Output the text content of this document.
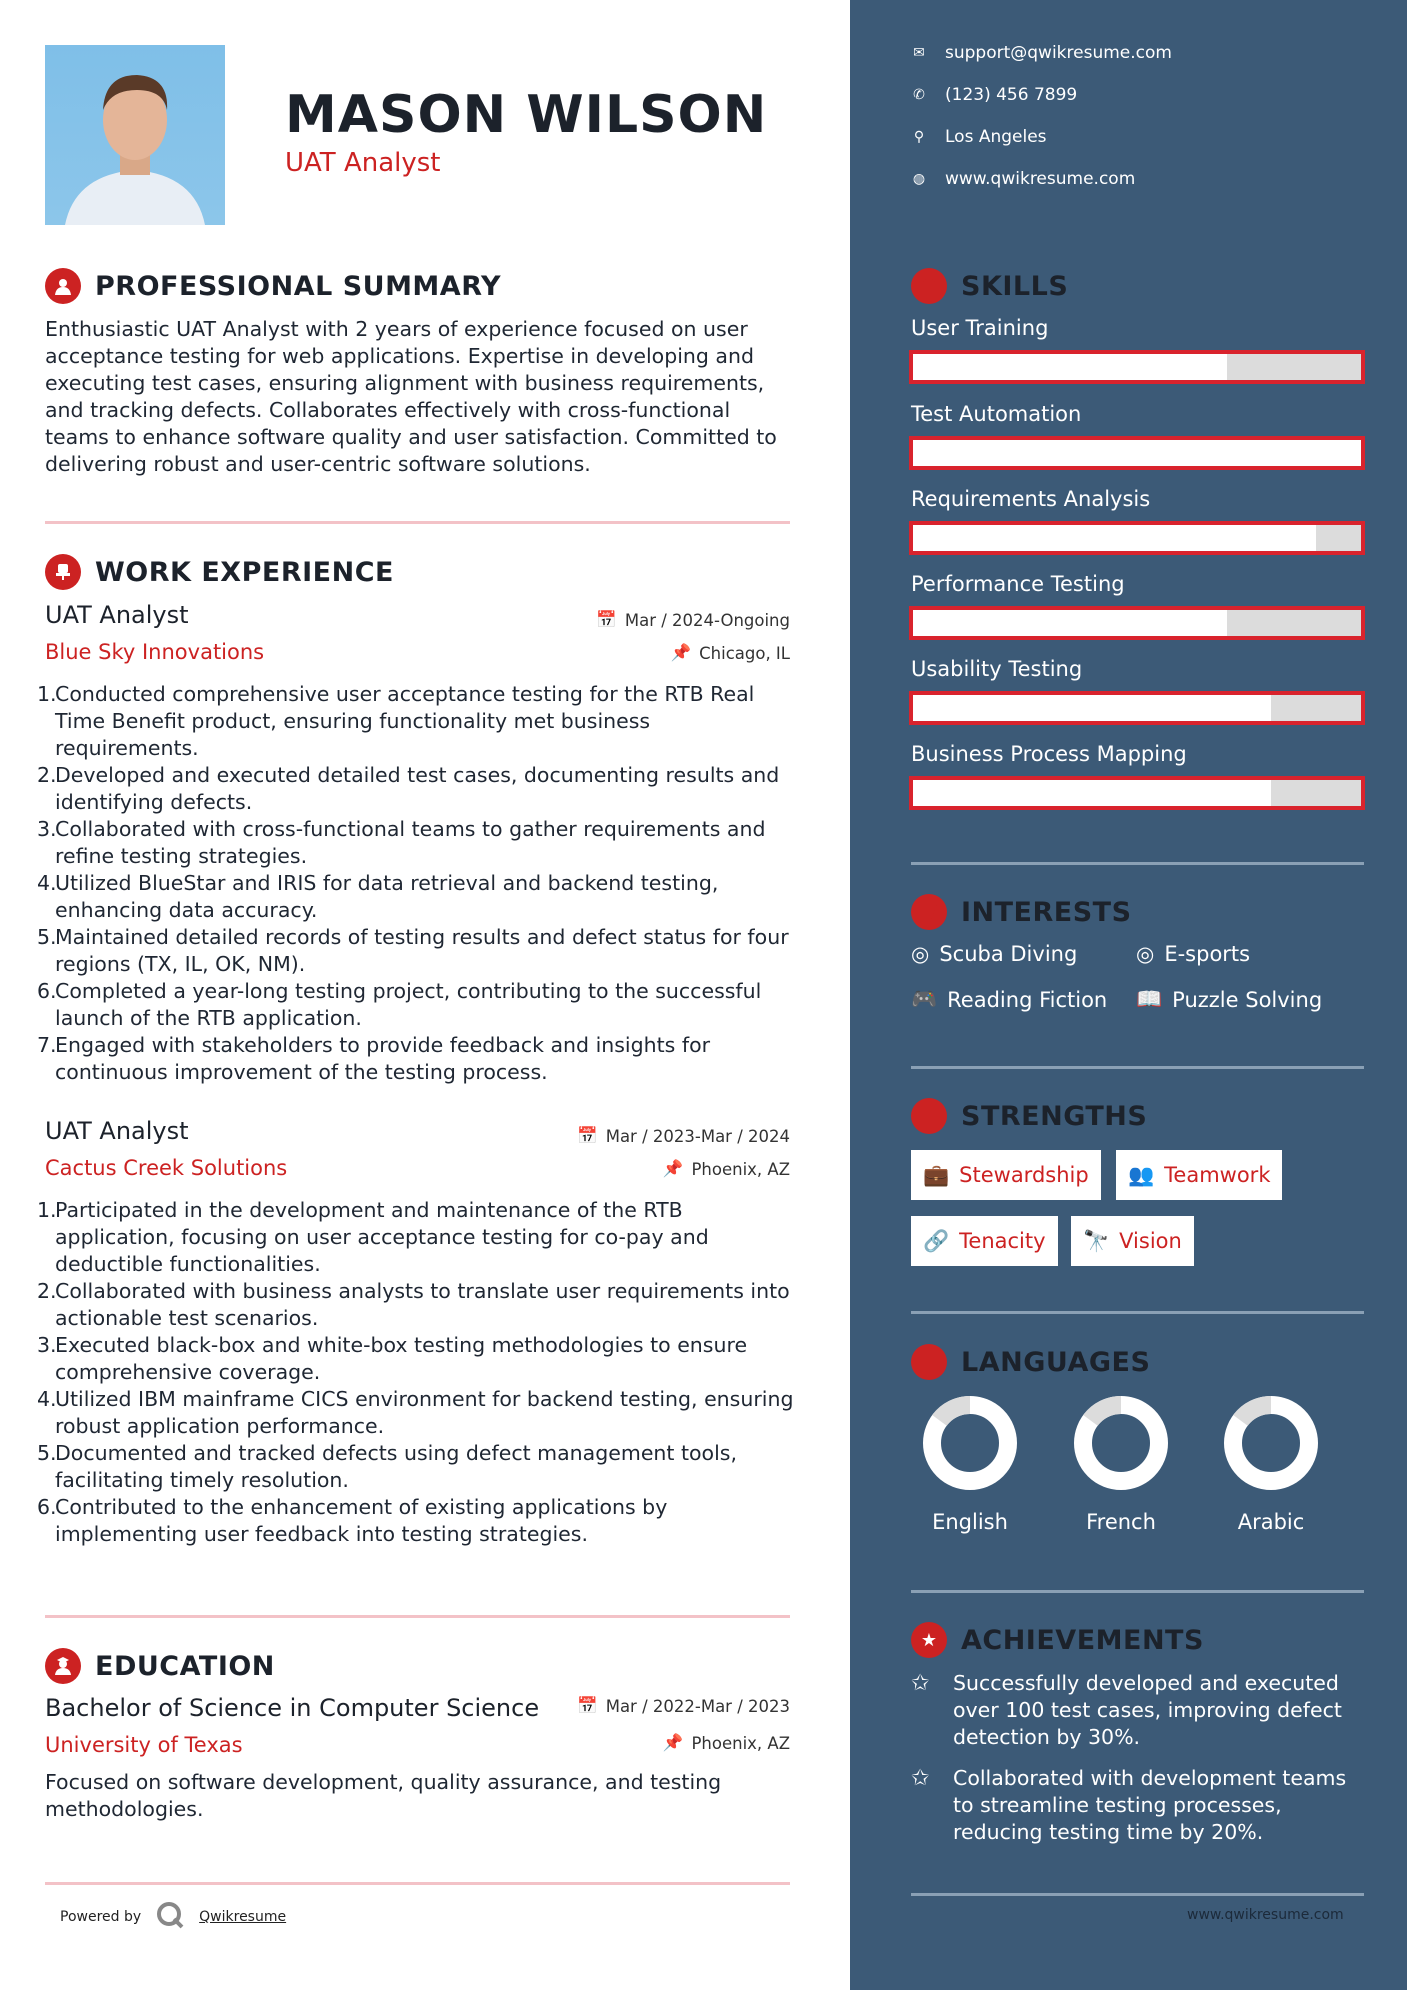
MASON WILSON
UAT Analyst
PROFESSIONAL SUMMARY
Enthusiastic UAT Analyst with 2 years of experience focused on user acceptance testing for web applications. Expertise in developing and executing test cases, ensuring alignment with business requirements, and tracking defects. Collaborates effectively with cross-functional teams to enhance software quality and user satisfaction. Committed to delivering robust and user-centric software solutions.
WORK EXPERIENCE
UAT Analyst
Blue Sky Innovations
📅 Mar / 2024-Ongoing
📌 Chicago, IL
1.
Conducted comprehensive user acceptance testing for the RTB Real Time Benefit product, ensuring functionality met business requirements.
2.
Developed and executed detailed test cases, documenting results and identifying defects.
3.
Collaborated with cross-functional teams to gather requirements and refine testing strategies.
4.
Utilized BlueStar and IRIS for data retrieval and backend testing, enhancing data accuracy.
5.
Maintained detailed records of testing results and defect status for four regions (TX, IL, OK, NM).
6.
Completed a year-long testing project, contributing to the successful launch of the RTB application.
7.
Engaged with stakeholders to provide feedback and insights for continuous improvement of the testing process.
UAT Analyst
Cactus Creek Solutions
📅 Mar / 2023-Mar / 2024
📌 Phoenix, AZ
1.
Participated in the development and maintenance of the RTB application, focusing on user acceptance testing for co-pay and deductible functionalities.
2.
Collaborated with business analysts to translate user requirements into actionable test scenarios.
3.
Executed black-box and white-box testing methodologies to ensure comprehensive coverage.
4.
Utilized IBM mainframe CICS environment for backend testing, ensuring robust application performance.
5.
Documented and tracked defects using defect management tools, facilitating timely resolution.
6.
Contributed to the enhancement of existing applications by implementing user feedback into testing strategies.
EDUCATION
Bachelor of Science in Computer Science
University of Texas
📅 Mar / 2022-Mar / 2023
📌 Phoenix, AZ
Focused on software development, quality assurance, and testing methodologies.
Powered by	Qwikresume
✉ support@qwikresume.com
✆ (123) 456 7899
⚲ Los Angeles
◍ www.qwikresume.com
SKILLS
User Training
Test Automation
Requirements Analysis
Performance Testing
Usability Testing
Business Process Mapping
INTERESTS
◎ Scuba Diving	◎ E-sports
🎮 Reading Fiction 📖 Puzzle Solving
STRENGTHS
💼 Stewardship 👥 Teamwork
🔗 Tenacity 🔭 Vision
LANGUAGES
English	French	Arabic
★ ACHIEVEMENTS
✩	Successfully developed and executed over 100 test cases, improving defect detection by 30%.
✩	Collaborated with development teams to streamline testing processes, reducing testing time by 20%.
www.qwikresume.com
